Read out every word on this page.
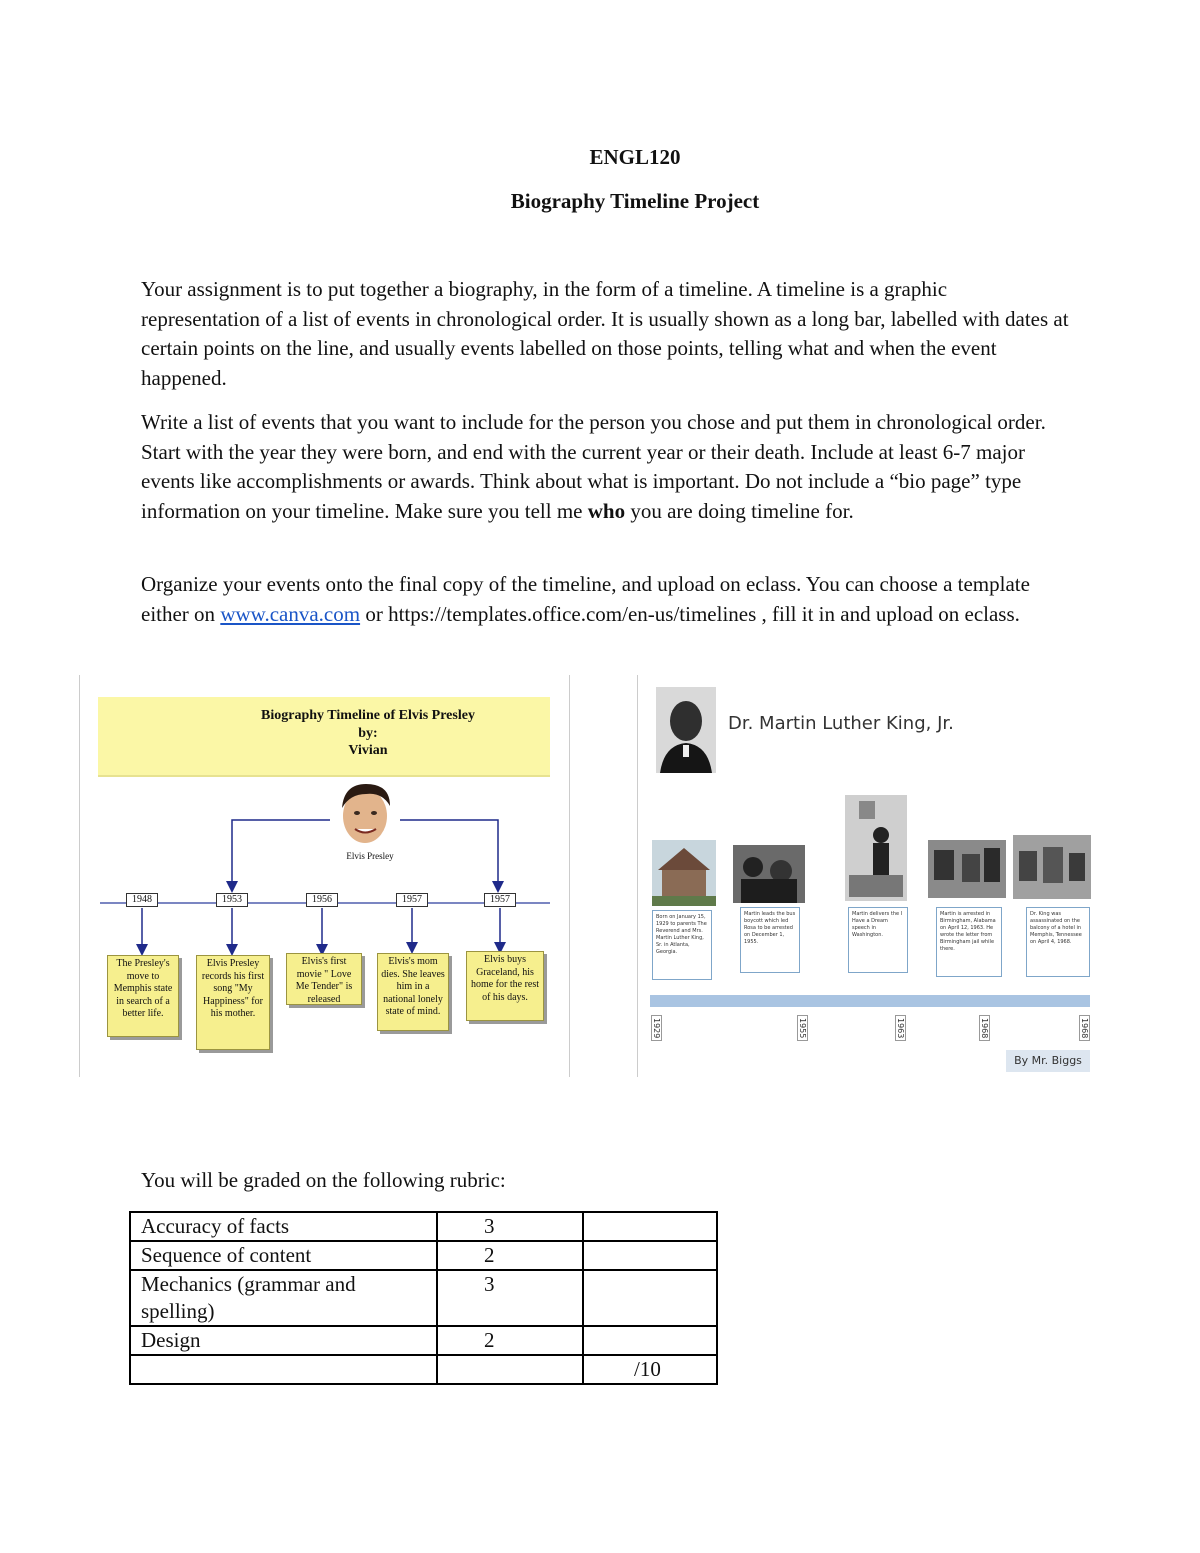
ENGL120
Biography Timeline Project

Your assignment is to put together a biography, in the form of a timeline. A timeline is a graphic representation of a list of events in chronological order. It is usually shown as a long bar, labelled with dates at certain points on the line, and usually events labelled on those points, telling what and when the event happened.

Write a list of events that you want to include for the person you chose and put them in chronological order. Start with the year they were born, and end with the current year or their death. Include at least 6-7 major events like accomplishments or awards. Think about what is important. Do not include a “bio page” type information on your timeline. Make sure you tell me who you are doing timeline for.

Organize your events onto the final copy of the timeline, and upload on eclass. You can choose a template either on www.canva.com or https://templates.office.com/en-us/timelines , fill it in and upload on eclass.

Biography Timeline of Elvis Presley
by:
Vivian
Elvis Presley
1948	1953	1956	1957	1957
The Presley's move to Memphis state in search of a better life.
Elvis Presley records his first song "My Happiness" for his mother.
Elvis's first movie " Love Me Tender" is released
Elvis's mom dies. She leaves him in a national lonely state of mind.
Elvis buys Graceland, his home for the rest of his days.
Dr. Martin Luther King, Jr.
Born on January 15, 1929 to parents The Reverend and Mrs. Martin Luther King, Sr. in Atlanta, Georgia.
Martin leads the bus boycott which led Rosa to be arrested on December 1, 1955.
Martin delivers the I Have a Dream speech in Washington.
Martin is arrested in Birmingham, Alabama on April 12, 1963. He wrote the letter from Birmingham jail while there.
Dr. King was assassinated on the balcony of a hotel in Memphis, Tennessee on April 4, 1968.
1929	1955	1963	1968	1968
By Mr. Biggs
You will be graded on the following rubric:
Accuracy of facts	3	
Sequence of content	2	
Mechanics (grammar and spelling)	3	
Design	2	
		/10
